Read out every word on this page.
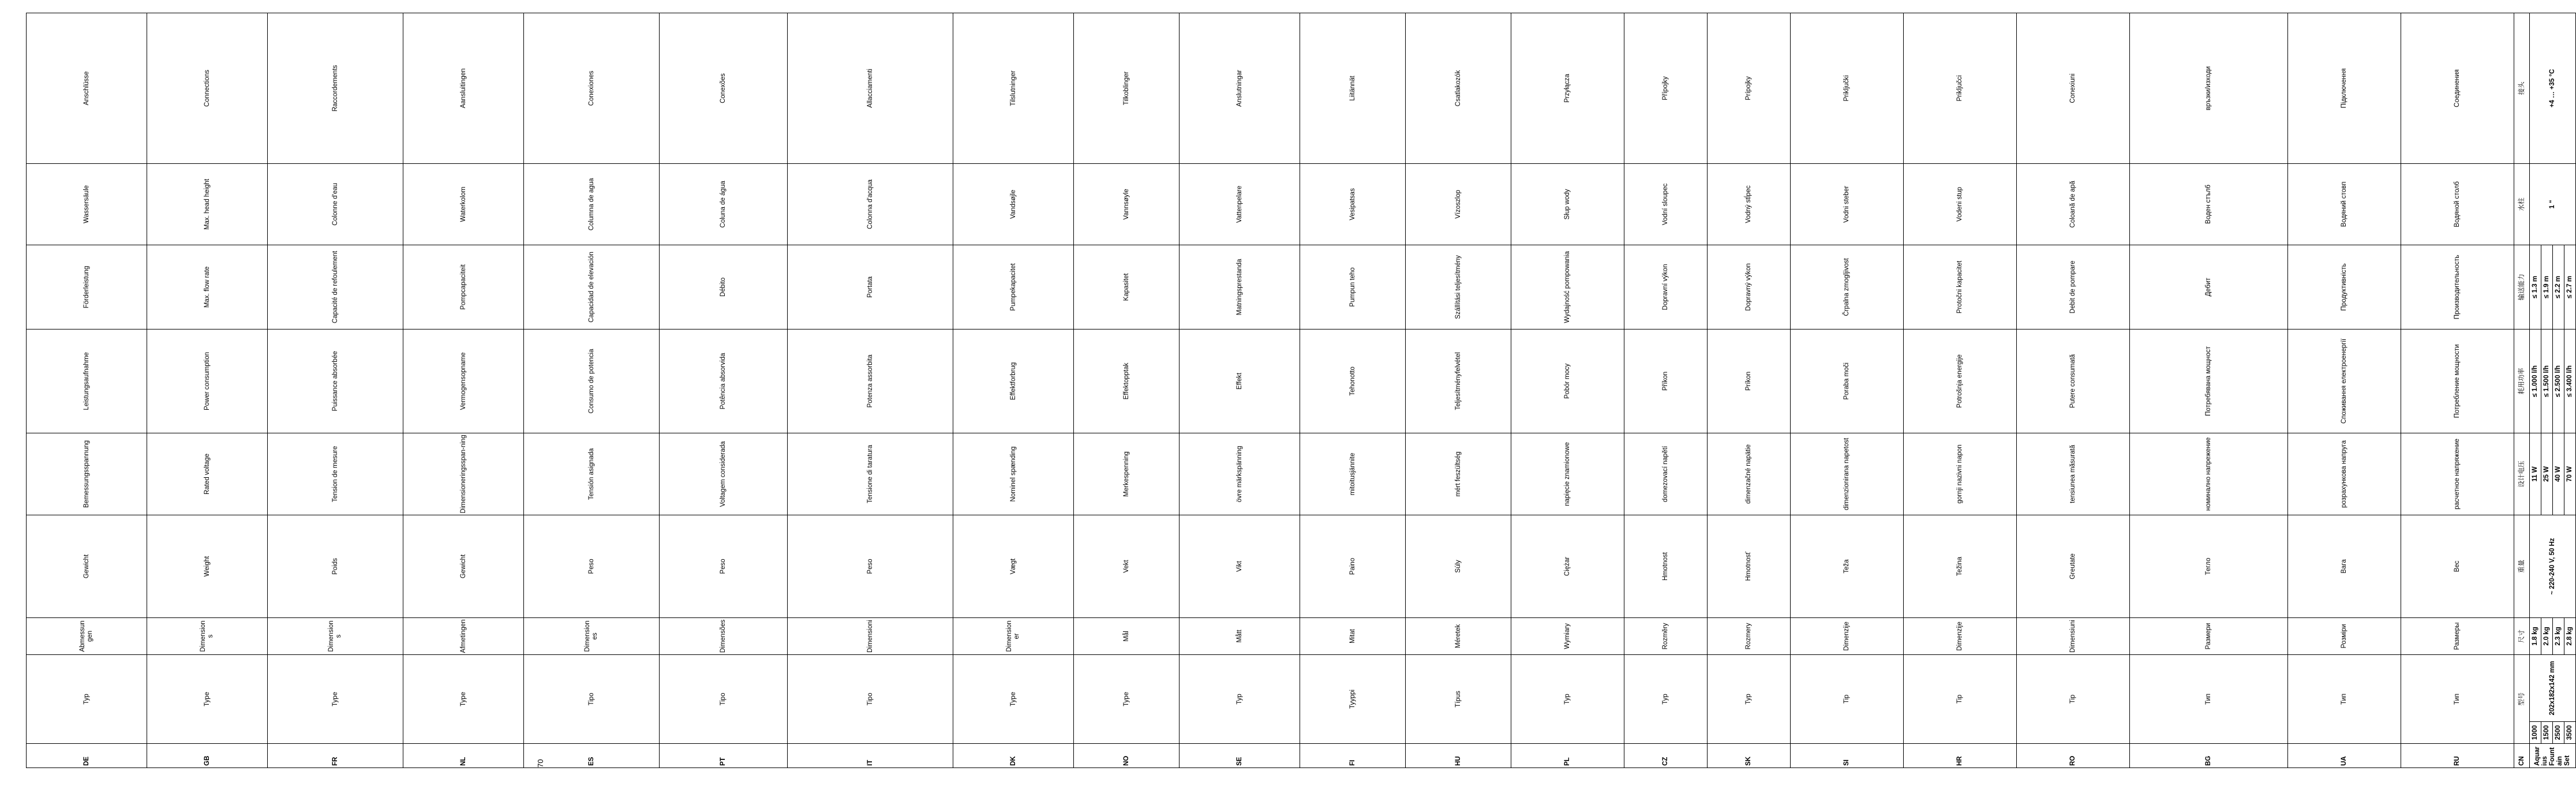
DE	Typ		Abmessungen	Gewicht	Bemessungsspannung	Leistungsaufnahme	Förderleistung	Wassersäule	Anschlüsse	
GB	Type		Dimensions	Weight	Rated voltage	Power consumption	Max. flow rate	Max. head height	Connections	
FR	Type		Dimensions	Poids	Tension de mesure	Puissance absorbée	Capacité de refoulement	Colonne d'eau	Raccordements	
NL	Type		Afmetingen	Gewicht	Dimensioneringsspan-ning	Vermogensopname	Pompcapaciteit	Waterkolom	Aansluitingen	
ES	Tipo		Dimensiones	Peso	Tensión asignada	Consumo de potencia	Capacidad de elevación	Columna de agua	Conexiones	
PT	Tipo		Dimensões	Peso	Voltagem considerada	Potência absorvida	Débito	Coluna de água	Conexões	
IT	Tipo		Dimensioni	Peso	Tensione di taratura	Potenza assorbita	Portata	Colonna d'acqua	Allacciamenti	
DK	Type		Dimensioner	Vægt	Nominel spænding	Effektforbrug	Pumpekapacitet	Vandsøjle	Tilslutninger	
NO	Type		Mål	Vekt	Merkespenning	Effektopptak	Kapasitet	Vannsøyle	Tilkoblinger	
SE	Typ		Mått	Vikt	övre märkspänning	Effekt	Matningsprestanda	Vattenpelare	Anslutningar	
FI	Tyyppi		Mitat	Paino	mitoitusjännite	Tehonotto	Pumpun teho	Vesipatsas	Liitännät	
HU	Típus		Méretek	Súly	mért feszültség	Teljesítményfelvétel	Szállítási teljesítmény	Vízoszlop	Csatlakozók	
PL	Typ		Wymiary	Ciężar	napięcie znamionowe	Pobór mocy	Wydajność pompowania	Słup wody	Przyłącza	
CZ	Typ		Rozměry	Hmotnost	domezovací napětí	Příkon	Dopravní výkon	Vodní sloupec	Přípojky	
SK	Typ		Rozmery	Hmotnosť	dimenzačné napätie	Príkon	Dopravný výkon	Vodný stĺpec	Prípojky	
SI	Tip		Dimenzije	Teža	dimenzionirana napetost	Poraba moči	Črpalna zmogljivost	Vodni steber	Priključki	
HR	Tip		Dimenzije	Težina	gornji nazivni napon	Potrošnja energije	Protočni kapacitet	Vodeni stup	Priključci	
RO	Tip		Dimensiuni	Greutate	tensiunea măsurată	Putere consumată	Debit de pompare	Coloană de apă	Conexiuni	
BG	Тип		Размери	Тегло	номинално напрежение	Потребявана мощност	Дебит	Воден стълб	връзки/изходи	
UA	Тип		Розміри	Вага	розрахункова напруга	Споживання електроенергії	Продуктивність	Водяний стовп	Підключення	
RU	Тип		Размеры	Вес	расчетное напряжение	Потребление мощности	Производительность	Водяной столб	Соединения	
CN	型号		尺寸	重量	设计电压	耗用功率	输送能力	水柱	接头	
Aquarius Fountain Set	1000	202x182x142 mm	1.8 kg	~ 220-240 V, 50 Hz	11 W	≤ 1.000 l/h	≤ 1.3 m	1 “	+4 … +35 °C	
	1500		2.0 kg		25 W	≤ 1.500 l/h	≤ 1.9 m			
	2500		2.3 kg		40 W	≤ 2.500 l/h	≤ 2.2 m			
	3500		2.8 kg		70 W	≤ 3.400 l/h	≤ 2.7 m			
70
